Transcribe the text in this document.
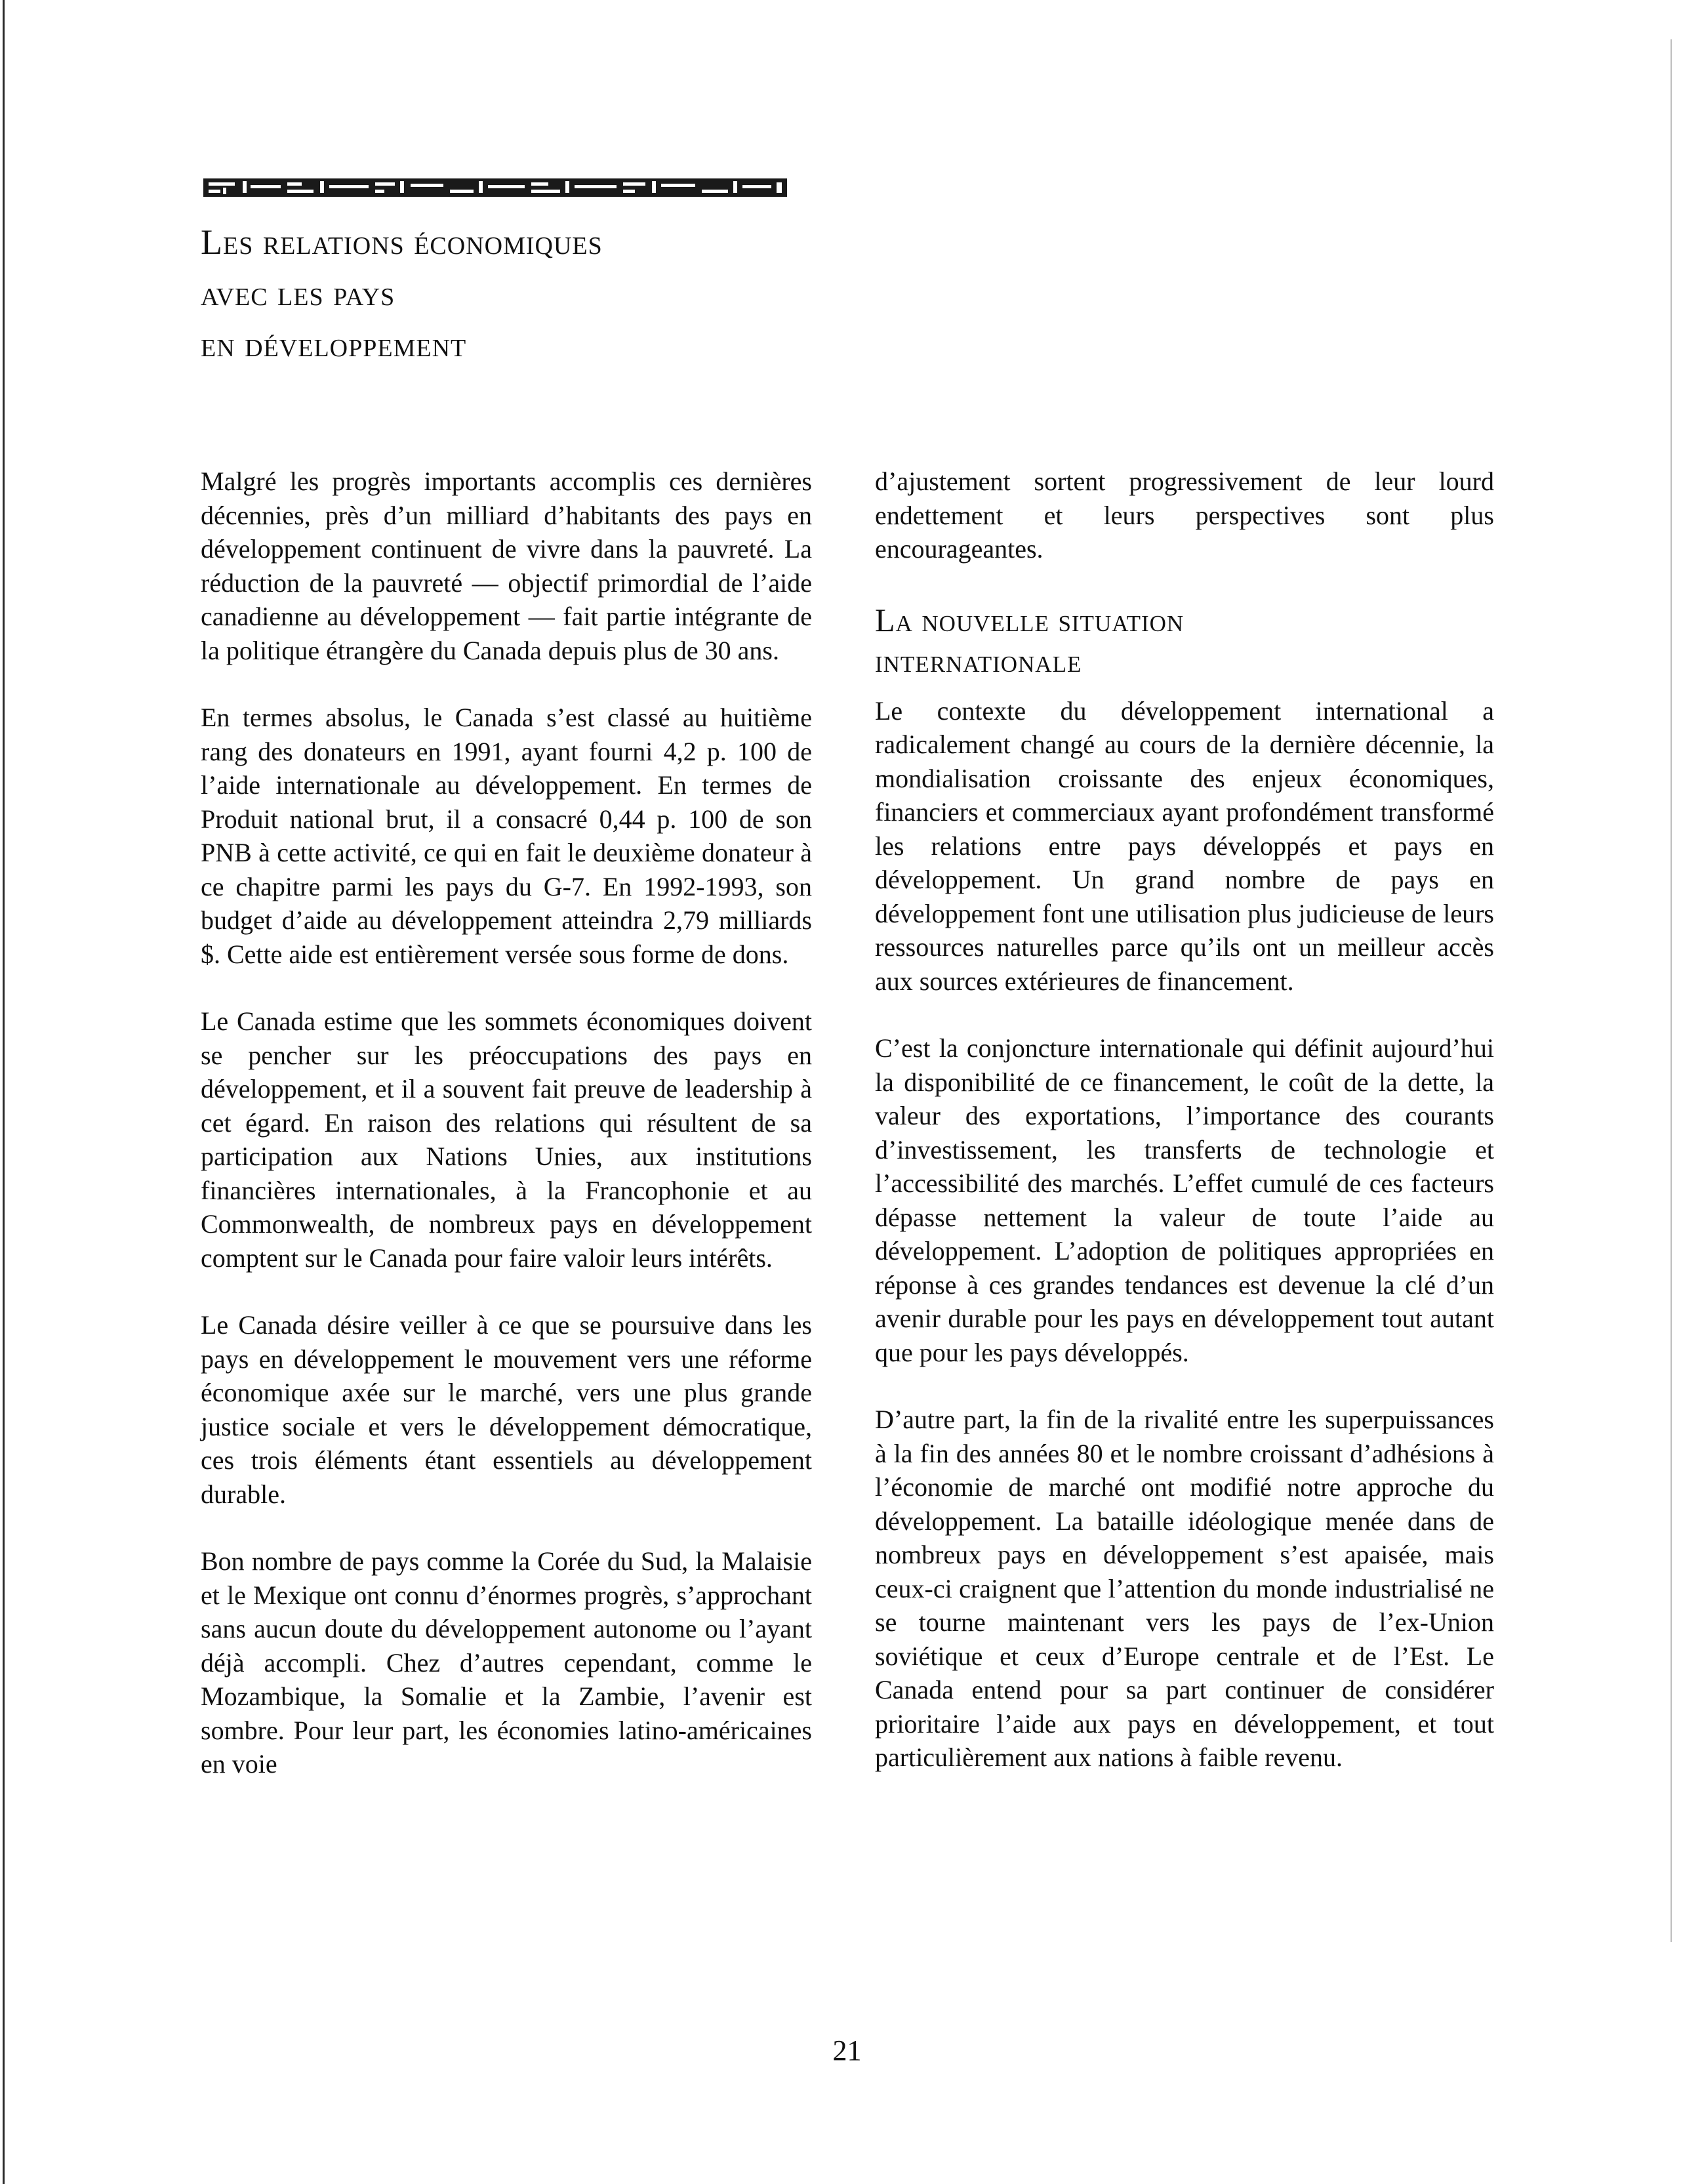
Les relations économiques
avec les pays
en développement

Malgré les progrès importants accomplis ces dernières décennies, près d’un milliard d’habitants des pays en développement continuent de vivre dans la pauvreté. La réduction de la pauvreté — objectif primordial de l’aide canadienne au développement — fait partie intégrante de la politique étrangère du Canada depuis plus de 30 ans.

En termes absolus, le Canada s’est classé au huitième rang des donateurs en 1991, ayant fourni 4,2 p. 100 de l’aide internationale au développement. En termes de Produit national brut, il a consacré 0,44 p. 100 de son PNB à cette activité, ce qui en fait le deuxième donateur à ce chapitre parmi les pays du G-7. En 1992-1993, son budget d’aide au développement atteindra 2,79 milliards $. Cette aide est entièrement versée sous forme de dons.

Le Canada estime que les sommets économiques doivent se pencher sur les préoccupations des pays en développement, et il a souvent fait preuve de leadership à cet égard. En raison des relations qui résultent de sa participation aux Nations Unies, aux institutions financières internationales, à la Francophonie et au Commonwealth, de nombreux pays en développement comptent sur le Canada pour faire valoir leurs intérêts.

Le Canada désire veiller à ce que se poursuive dans les pays en développement le mouvement vers une réforme économique axée sur le marché, vers une plus grande justice sociale et vers le développement démocratique, ces trois éléments étant essentiels au développement durable.

Bon nombre de pays comme la Corée du Sud, la Malaisie et le Mexique ont connu d’énormes progrès, s’approchant sans aucun doute du développement autonome ou l’ayant déjà accompli. Chez d’autres cependant, comme le Mozambique, la Somalie et la Zambie, l’avenir est sombre. Pour leur part, les économies latino-américaines en voie

d’ajustement sortent progressivement de leur lourd endettement et leurs perspectives sont plus encourageantes.

La nouvelle situation
internationale

Le contexte du développement international a radicalement changé au cours de la dernière décennie, la mondialisation croissante des enjeux économiques, financiers et commerciaux ayant profondément transformé les relations entre pays développés et pays en développement. Un grand nombre de pays en développement font une utilisation plus judicieuse de leurs ressources naturelles parce qu’ils ont un meilleur accès aux sources extérieures de financement.

C’est la conjoncture internationale qui définit aujourd’hui la disponibilité de ce financement, le coût de la dette, la valeur des exportations, l’importance des courants d’investissement, les transferts de technologie et l’accessibilité des marchés. L’effet cumulé de ces facteurs dépasse nettement la valeur de toute l’aide au développement. L’adoption de politiques appropriées en réponse à ces grandes tendances est devenue la clé d’un avenir durable pour les pays en développement tout autant que pour les pays développés.

D’autre part, la fin de la rivalité entre les superpuissances à la fin des années 80 et le nombre croissant d’adhésions à l’économie de marché ont modifié notre approche du développement. La bataille idéologique menée dans de nombreux pays en développement s’est apaisée, mais ceux-ci craignent que l’attention du monde industrialisé ne se tourne maintenant vers les pays de l’ex-Union soviétique et ceux d’Europe centrale et de l’Est. Le Canada entend pour sa part continuer de considérer prioritaire l’aide aux pays en développement, et tout particulièrement aux nations à faible revenu.

21
